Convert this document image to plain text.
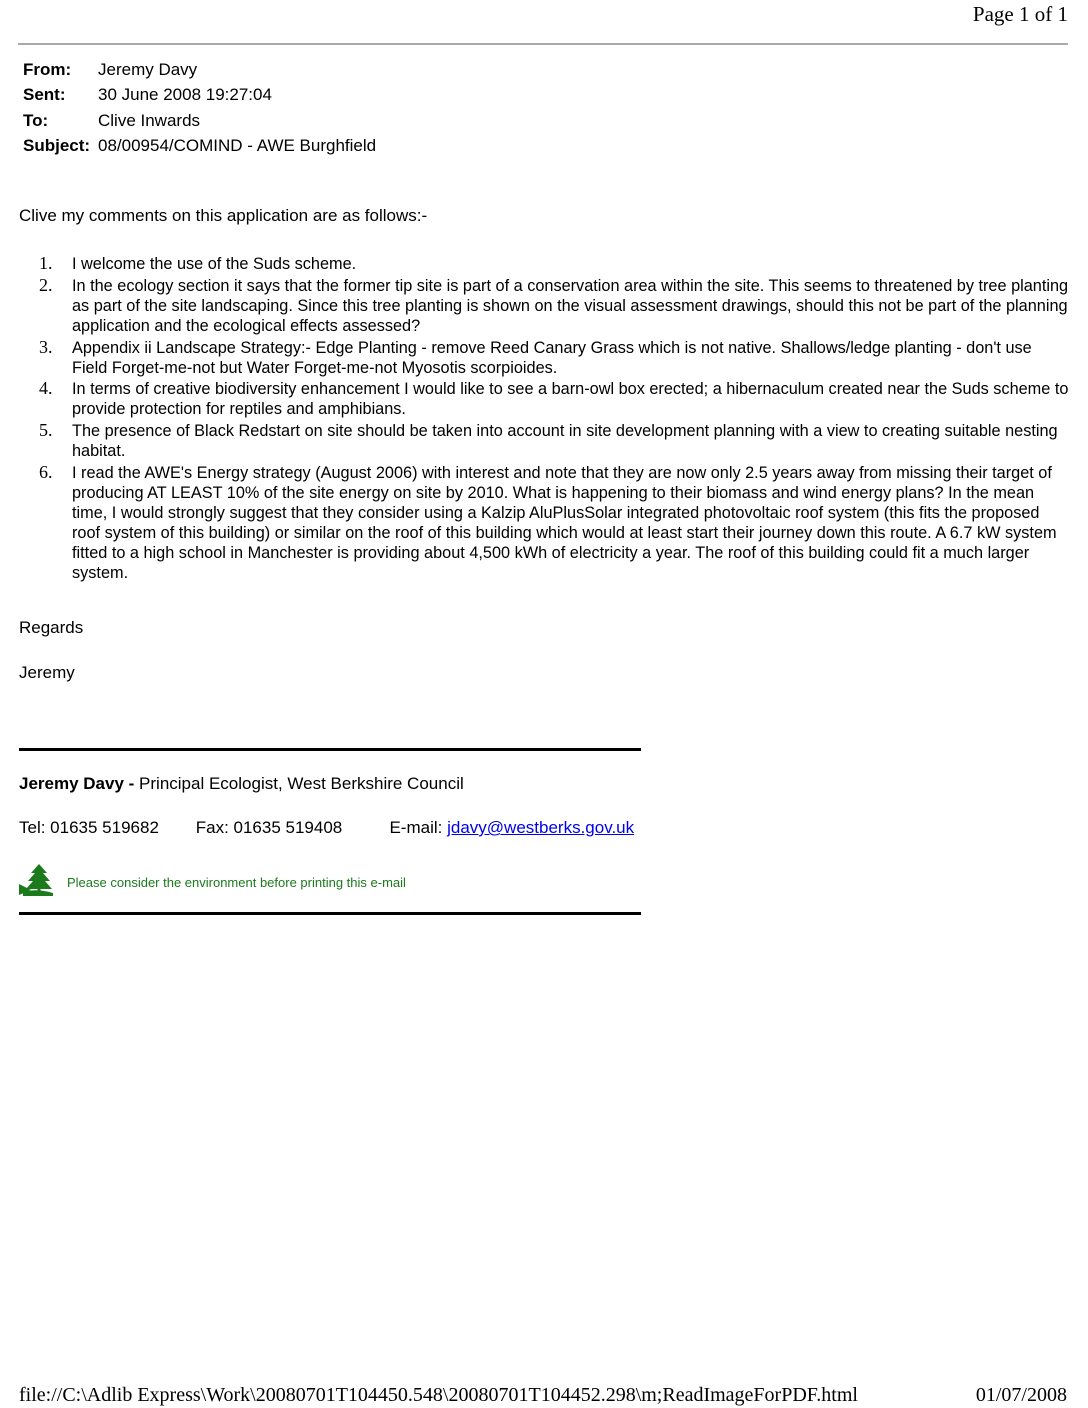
Page 1 of 1
From:	Jeremy Davy
Sent:	30 June 2008 19:27:04
To:	Clive Inwards
Subject: 08/00954/COMIND - AWE Burghfield
Clive my comments on this application are as follows:-
1. I welcome the use of the Suds scheme.
2. In the ecology section it says that the former tip site is part of a conservation area within the site. This seems to threatened by tree planting as part of the site landscaping. Since this tree planting is shown on the visual assessment drawings, should this not be part of the planning application and the ecological effects assessed?
3. Appendix ii Landscape Strategy:- Edge Planting - remove Reed Canary Grass which is not native. Shallows/ledge planting - don't use Field Forget-me-not but Water Forget-me-not Myosotis scorpioides.
4. In terms of creative biodiversity enhancement I would like to see a barn-owl box erected; a hibernaculum created near the Suds scheme to provide protection for reptiles and amphibians.
5. The presence of Black Redstart on site should be taken into account in site development planning with a view to creating suitable nesting habitat.
6. I read the AWE's Energy strategy (August 2006) with interest and note that they are now only 2.5 years away from missing their target of producing AT LEAST 10% of the site energy on site by 2010. What is happening to their biomass and wind energy plans? In the mean time, I would strongly suggest that they consider using a Kalzip AluPlusSolar integrated photovoltaic roof system (this fits the proposed roof system of this building) or similar on the roof of this building which would at least start their journey down this route. A 6.7 kW system fitted to a high school in Manchester is providing about 4,500 kWh of electricity a year. The roof of this building could fit a much larger system.
Regards
Jeremy
Jeremy Davy - Principal Ecologist, West Berkshire Council
Tel: 01635 519682 Fax: 01635 519408	E-mail: jdavy@westberks.gov.uk
Please consider the environment before printing this e-mail
file://C:\Adlib Express\Work\20080701T104450.548\20080701T104452.298\m;ReadImageForPDF.html	01/07/2008
